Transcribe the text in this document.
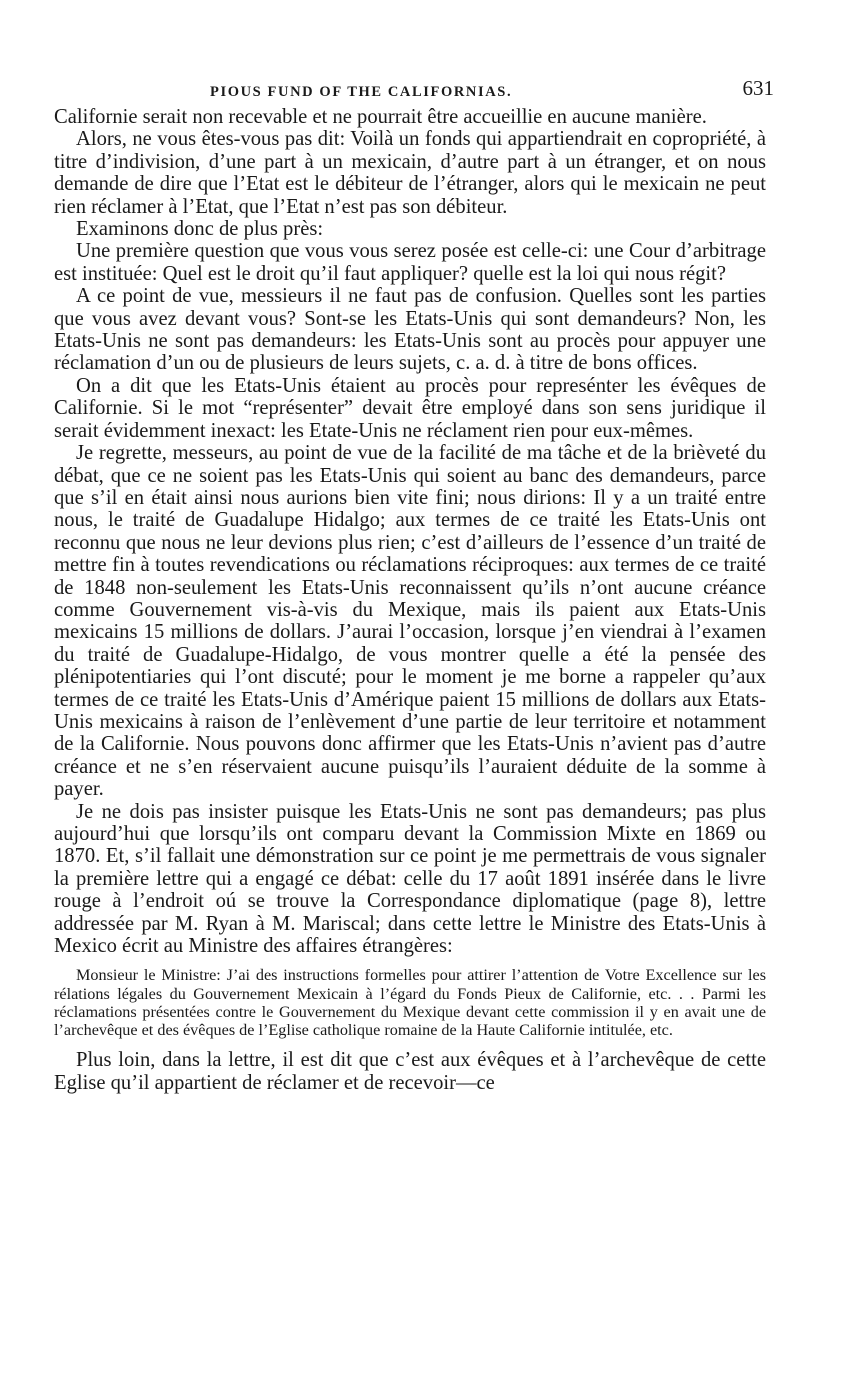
PIOUS FUND OF THE CALIFORNIAS.	631

Californie serait non recevable et ne pourrait être accueillie en aucune manière.

Alors, ne vous êtes-vous pas dit: Voilà un fonds qui appartiendrait en copropriété, à titre d’indivision, d’une part à un mexicain, d’autre part à un étranger, et on nous demande de dire que l’Etat est le débiteur de l’étranger, alors qui le mexicain ne peut rien réclamer à l’Etat, que l’Etat n’est pas son débiteur.

Examinons donc de plus près:

Une première question que vous vous serez posée est celle-ci: une Cour d’arbitrage est instituée: Quel est le droit qu’il faut appliquer? quelle est la loi qui nous régit?

A ce point de vue, messieurs il ne faut pas de confusion. Quelles sont les parties que vous avez devant vous? Sont-se les Etats-Unis qui sont demandeurs? Non, les Etats-Unis ne sont pas demandeurs: les Etats-Unis sont au procès pour appuyer une réclamation d’un ou de plusieurs de leurs sujets, c. a. d. à titre de bons offices.

On a dit que les Etats-Unis étaient au procès pour represénter les évêques de Californie. Si le mot “représenter” devait être employé dans son sens juridique il serait évidemment inexact: les Etate-Unis ne réclament rien pour eux-mêmes.

Je regrette, messeurs, au point de vue de la facilité de ma tâche et de la brièveté du débat, que ce ne soient pas les Etats-Unis qui soient au banc des demandeurs, parce que s’il en était ainsi nous aurions bien vite fini; nous dirions: Il y a un traité entre nous, le traité de Guadalupe Hidalgo; aux termes de ce traité les Etats-Unis ont reconnu que nous ne leur devions plus rien; c’est d’ailleurs de l’essence d’un traité de mettre fin à toutes revendications ou réclamations réciproques: aux termes de ce traité de 1848 non-seulement les Etats-Unis reconnaissent qu’ils n’ont aucune créance comme Gouvernement vis-à-vis du Mexique, mais ils paient aux Etats-Unis mexicains 15 millions de dollars. J’aurai l’occasion, lorsque j’en viendrai à l’examen du traité de Guadalupe-Hidalgo, de vous montrer quelle a été la pensée des plénipotentiaries qui l’ont discuté; pour le moment je me borne a rappeler qu’aux termes de ce traité les Etats-Unis d’Amérique paient 15 millions de dollars aux Etats-Unis mexicains à raison de l’enlèvement d’une partie de leur territoire et notamment de la Californie. Nous pouvons donc affirmer que les Etats-Unis n’avient pas d’autre créance et ne s’en réservaient aucune puisqu’ils l’auraient déduite de la somme à payer.

Je ne dois pas insister puisque les Etats-Unis ne sont pas demandeurs; pas plus aujourd’hui que lorsqu’ils ont comparu devant la Commission Mixte en 1869 ou 1870. Et, s’il fallait une démonstration sur ce point je me permettrais de vous signaler la première lettre qui a engagé ce débat: celle du 17 août 1891 insérée dans le livre rouge à l’endroit oú se trouve la Correspondance diplomatique (page 8), lettre addressée par M. Ryan à M. Mariscal; dans cette lettre le Ministre des Etats-Unis à Mexico écrit au Ministre des affaires étrangères:

Monsieur le Ministre: J’ai des instructions formelles pour attirer l’attention de Votre Excellence sur les rélations légales du Gouvernement Mexicain à l’égard du Fonds Pieux de Californie, etc. . . Parmi les réclamations présentées contre le Gouvernement du Mexique devant cette commission il y en avait une de l’archevêque et des évêques de l’Eglise catholique romaine de la Haute Californie intitulée, etc.

Plus loin, dans la lettre, il est dit que c’est aux évêques et à l’archevêque de cette Eglise qu’il appartient de réclamer et de recevoir—ce
